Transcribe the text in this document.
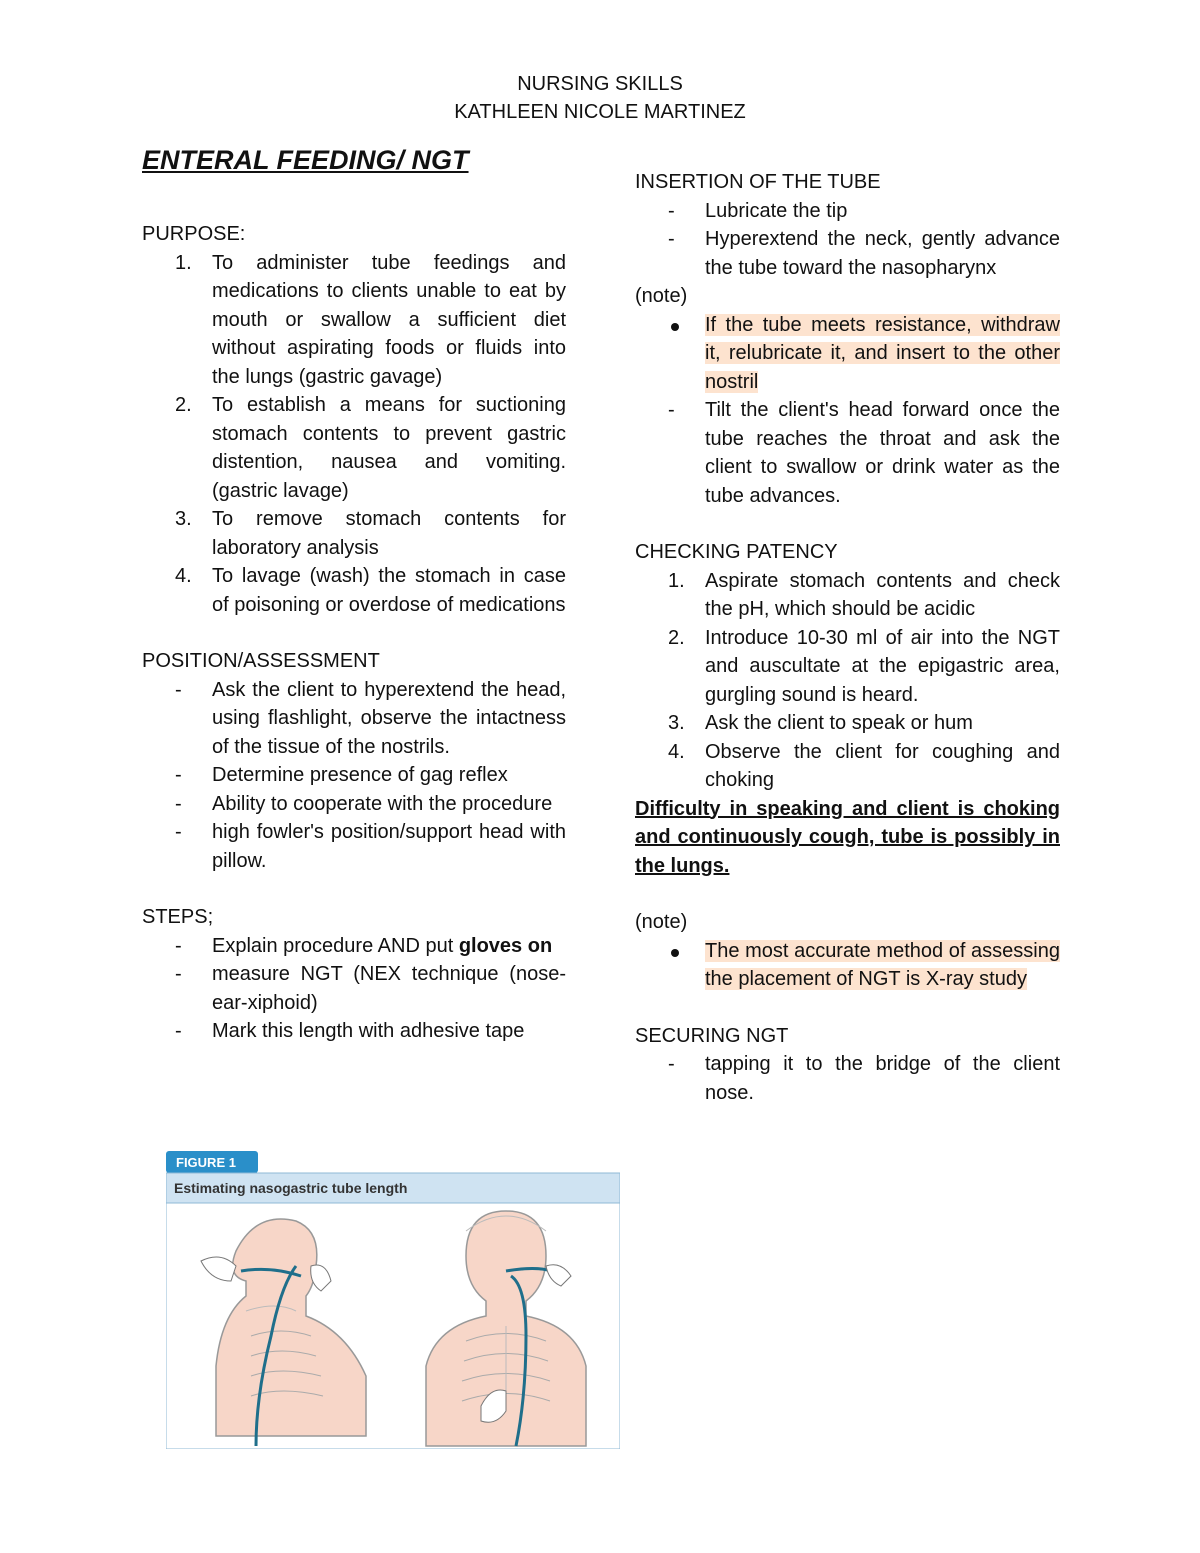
NURSING SKILLS
KATHLEEN NICOLE MARTINEZ
ENTERAL FEEDING/ NGT
PURPOSE:
1.	To administer tube feedings and medications to clients unable to eat by mouth or swallow a sufficient diet without aspirating foods or fluids into the lungs (gastric gavage)
2.	To establish a means for suctioning stomach contents to prevent gastric distention, nausea and vomiting. (gastric lavage)
3.	To remove stomach contents for laboratory analysis
4.	To lavage (wash) the stomach in case of poisoning or overdose of medications
POSITION/ASSESSMENT
-	Ask the client to hyperextend the head, using flashlight, observe the intactness of the tissue of the nostrils.
-	Determine presence of gag reflex
-	Ability to cooperate with the procedure
-	high fowler's position/support head with pillow.
STEPS;
-	Explain procedure AND put gloves on
-	measure NGT (NEX technique (nose- ear-xiphoid)
-	Mark this length with adhesive tape
FIGURE 1
Estimating nasogastric tube length
INSERTION OF THE TUBE
-	Lubricate the tip
-	Hyperextend the neck, gently advance the tube toward the nasopharynx
(note)
If the tube meets resistance, withdraw it, relubricate it, and insert to the other nostril
-	Tilt the client's head forward once the tube reaches the throat and ask the client to swallow or drink water as the tube advances.
CHECKING PATENCY
1.	Aspirate stomach contents and check the pH, which should be acidic
2.	Introduce 10-30 ml of air into the NGT and auscultate at the epigastric area, gurgling sound is heard.
3.	Ask the client to speak or hum
4.	Observe the client for coughing and choking
Difficulty in speaking and client is choking and continuously cough, tube is possibly in the lungs.
(note)
The most accurate method of assessing the placement of NGT is X-ray study
SECURING NGT
-	tapping it to the bridge of the client nose.
